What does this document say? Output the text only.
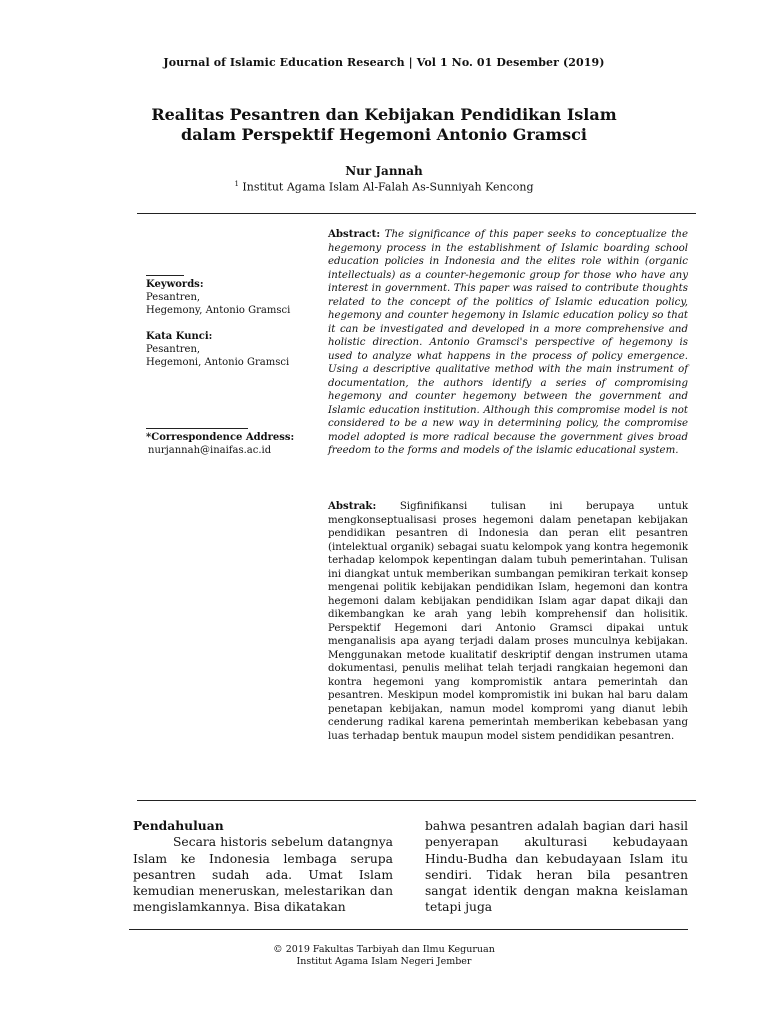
Journal of Islamic Education Research | Vol 1 No. 01 Desember (2019)
Realitas Pesantren dan Kebijakan Pendidikan Islam
dalam Perspektif Hegemoni Antonio Gramsci
Nur Jannah
$^1$ Institut Agama Islam Al-Falah As-Sunniyah Kencong
Keywords:
Pesantren,
Hegemony, Antonio Gramsci
Kata Kunci:
Pesantren,
Hegemoni, Antonio Gramsci
*Correspondence Address:
nurjannah@inaifas.ac.id
Abstract: The significance of this paper seeks to conceptualize the hegemony process in the establishment of Islamic boarding school education policies in Indonesia and the elites role within (organic intellectuals) as a counter-hegemonic group for those who have any interest in government. This paper was raised to contribute thoughts related to the concept of the politics of Islamic education policy, hegemony and counter hegemony in Islamic education policy so that it can be investigated and developed in a more comprehensive and holistic direction. Antonio Gramsci's perspective of hegemony is used to analyze what happens in the process of policy emergence. Using a descriptive qualitative method with the main instrument of documentation, the authors identify a series of compromising hegemony and counter hegemony between the government and Islamic education institution. Although this compromise model is not considered to be a new way in determining policy, the compromise model adopted is more radical because the government gives broad freedom to the forms and models of the islamic educational system.
Abstrak: Sigfinifikansi tulisan ini berupaya untuk mengkonseptualisasi proses hegemoni dalam penetapan kebijakan pendidikan pesantren di Indonesia dan peran elit pesantren (intelektual organik) sebagai suatu kelompok yang kontra hegemonik terhadap kelompok kepentingan dalam tubuh pemerintahan. Tulisan ini diangkat untuk memberikan sumbangan pemikiran terkait konsep mengenai politik kebijakan pendidikan Islam, hegemoni dan kontra hegemoni dalam kebijakan pendidikan Islam agar dapat dikaji dan dikembangkan ke arah yang lebih komprehensif dan holisitik. Perspektif Hegemoni dari Antonio Gramsci dipakai untuk menganalisis apa ayang terjadi dalam proses munculnya kebijakan. Menggunakan metode kualitatif deskriptif dengan instrumen utama dokumentasi, penulis melihat telah terjadi rangkaian hegemoni dan kontra hegemoni yang kompromistik antara pemerintah dan pesantren. Meskipun model kompromistik ini bukan hal baru dalam penetapan kebijakan, namun model kompromi yang dianut lebih cenderung radikal karena pemerintah memberikan kebebasan yang luas terhadap bentuk maupun model sistem pendidikan pesantren.
Pendahuluan
Secara historis sebelum datangnya Islam ke Indonesia lembaga serupa pesantren sudah ada. Umat Islam kemudian meneruskan, melestarikan dan mengislamkannya. Bisa dikatakan
bahwa pesantren adalah bagian dari hasil penyerapan akulturasi kebudayaan Hindu-Budha dan kebudayaan Islam itu sendiri. Tidak heran bila pesantren sangat identik dengan makna keislaman tetapi juga
© 2019 Fakultas Tarbiyah dan Ilmu Keguruan
Institut Agama Islam Negeri Jember
